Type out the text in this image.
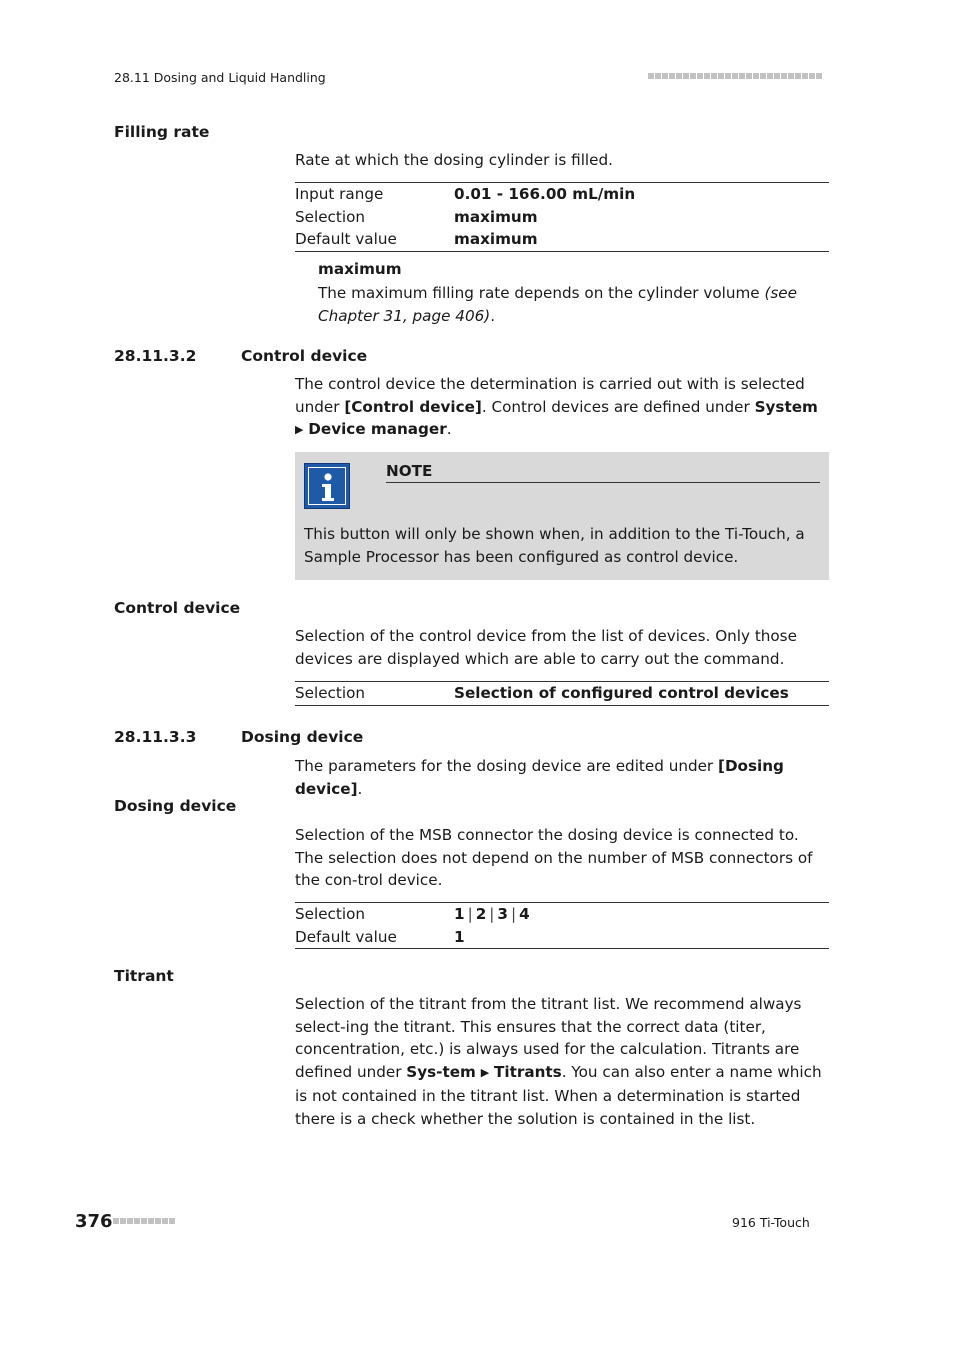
28.11 Dosing and Liquid Handling
Filling rate
Rate at which the dosing cylinder is filled.
Input range	0.01 - 166.00 mL/min
Selection	maximum
Default value	maximum
maximum
The maximum filling rate depends on the cylinder volume (see Chapter 31, page 406).
28.11.3.2	Control device
The control device the determination is carried out with is selected under [Control device]. Control devices are defined under System ▶ Device manager.
NOTE
This button will only be shown when, in addition to the Ti-Touch, a Sample Processor has been configured as control device.
Control device
Selection of the control device from the list of devices. Only those devices are displayed which are able to carry out the command.
Selection	Selection of configured control devices
28.11.3.3	Dosing device
The parameters for the dosing device are edited under [Dosing device].
Dosing device
Selection of the MSB connector the dosing device is connected to. The selection does not depend on the number of MSB connectors of the con-trol device.
Selection	1 | 2 | 3 | 4
Default value	1
Titrant
Selection of the titrant from the titrant list. We recommend always select-ing the titrant. This ensures that the correct data (titer, concentration, etc.) is always used for the calculation. Titrants are defined under Sys-tem ▶ Titrants. You can also enter a name which is not contained in the titrant list. When a determination is started there is a check whether the solution is contained in the list.
376	916 Ti-Touch
